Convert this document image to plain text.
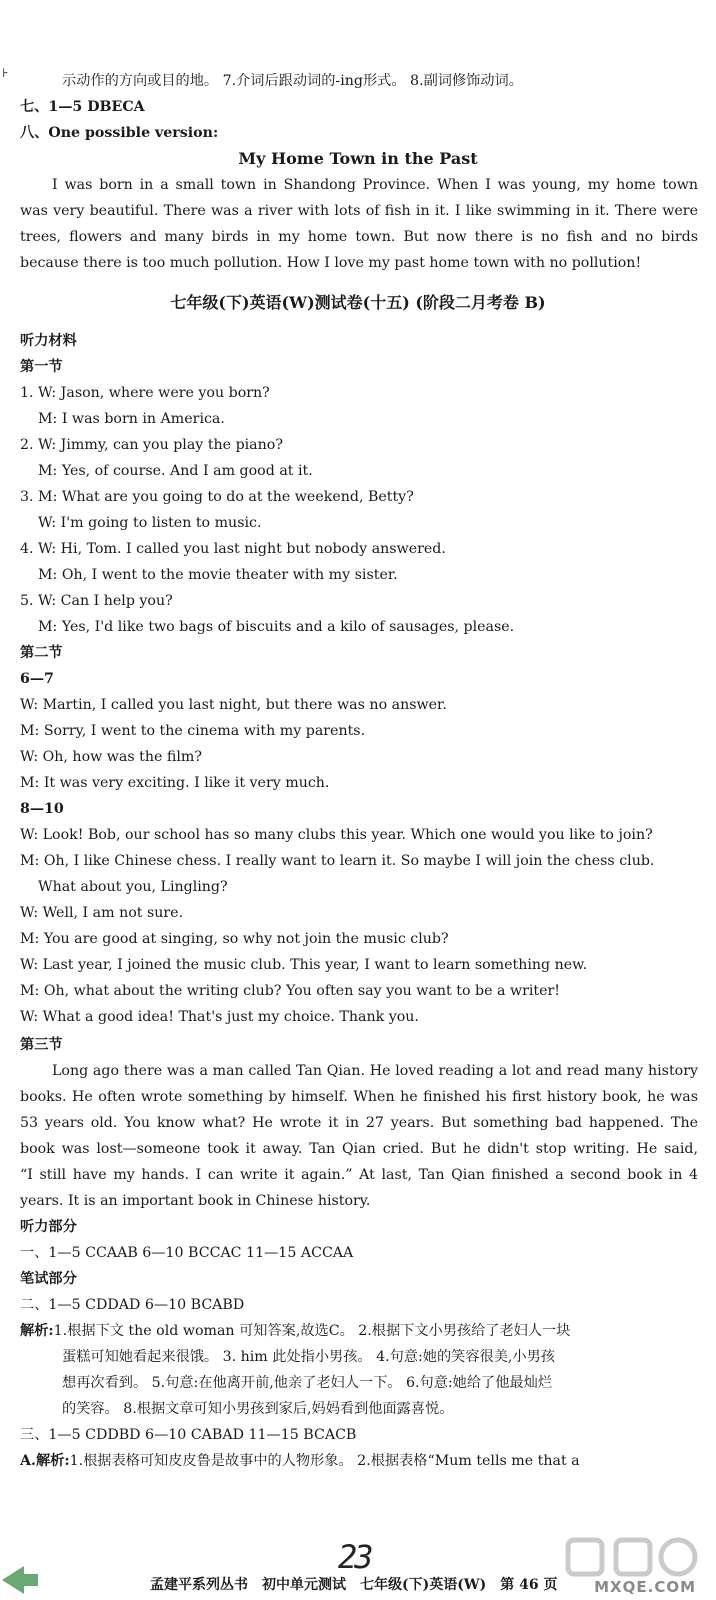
⊦	示动作的方向或目的地。 7.介词后跟动词的-ing形式。 8.副词修饰动词。
七、1—5 DBECA
八、One possible version:
My Home Town in the Past
I was born in a small town in Shandong Province. When I was young, my home town
was very beautiful. There was a river with lots of fish in it. I like swimming in it. There were
trees, flowers and many birds in my home town. But now there is no fish and no birds
because there is too much pollution. How I love my past home town with no pollution!
七年级(下)英语(W)测试卷(十五) (阶段二月考卷 B)
听力材料
第一节
1. W: Jason, where were you born?
M: I was born in America.
2. W: Jimmy, can you play the piano?
M: Yes, of course. And I am good at it.
3. M: What are you going to do at the weekend, Betty?
W: I'm going to listen to music.
4. W: Hi, Tom. I called you last night but nobody answered.
M: Oh, I went to the movie theater with my sister.
5. W: Can I help you?
M: Yes, I'd like two bags of biscuits and a kilo of sausages, please.
第二节
6—7
W: Martin, I called you last night, but there was no answer.
M: Sorry, I went to the cinema with my parents.
W: Oh, how was the film?
M: It was very exciting. I like it very much.
8—10
W: Look! Bob, our school has so many clubs this year. Which one would you like to join?
M: Oh, I like Chinese chess. I really want to learn it. So maybe I will join the chess club.
What about you, Lingling?
W: Well, I am not sure.
M: You are good at singing, so why not join the music club?
W: Last year, I joined the music club. This year, I want to learn something new.
M: Oh, what about the writing club? You often say you want to be a writer!
W: What a good idea! That's just my choice. Thank you.
第三节
Long ago there was a man called Tan Qian. He loved reading a lot and read many history
books. He often wrote something by himself. When he finished his first history book, he was
53 years old. You know what? He wrote it in 27 years. But something bad happened. The
book was lost—someone took it away. Tan Qian cried. But he didn't stop writing. He said,
“I still have my hands. I can write it again.” At last, Tan Qian finished a second book in 4
years. It is an important book in Chinese history.
听力部分
一、1—5 CCAAB 6—10 BCCAC 11—15 ACCAA
笔试部分
二、1—5 CDDAD 6—10 BCABD
解析:1.根据下文 the old woman 可知答案,故选C。 2.根据下文小男孩给了老妇人一块
蛋糕可知她看起来很饿。 3. him 此处指小男孩。 4.句意:她的笑容很美,小男孩
想再次看到。 5.句意:在他离开前,他亲了老妇人一下。 6.句意:她给了他最灿烂
的笑容。 8.根据文章可知小男孩到家后,妈妈看到他面露喜悦。
三、1—5 CDDBD 6—10 CABAD 11—15 BCACB
A.解析:1.根据表格可知皮皮鲁是故事中的人物形象。 2.根据表格“Mum tells me that a
孟建平系列丛书 初中单元测试 七年级(下)英语(W) 第 46 页
23
MXQE.COM
